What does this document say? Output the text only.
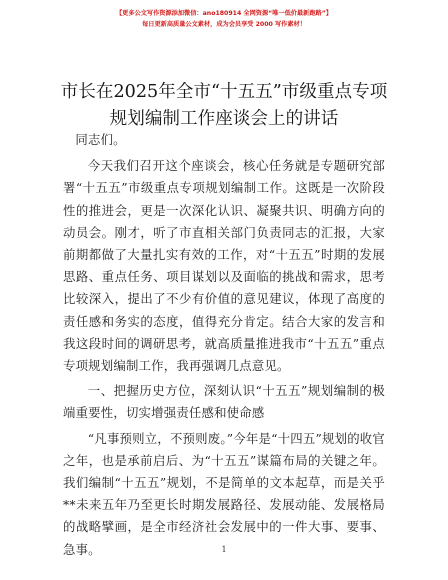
【更多公文写作资源添加微信：ano180914 全网资源“唯一低价最新跑路”】
每日更新高质量公文素材，成为会员享受 2000 写作素材！
市长在2025年全市“十五五”市级重点专项规划编制工作座谈会上的讲话

同志们。

今天我们召开这个座谈会，核心任务就是专题研究部署“十五五”市级重点专项规划编制工作。这既是一次阶段性的推进会，更是一次深化认识、凝聚共识、明确方向的动员会。刚才，听了市直相关部门负责同志的汇报，大家前期都做了大量扎实有效的工作，对“十五五”时期的发展思路、重点任务、项目谋划以及面临的挑战和需求，思考比较深入，提出了不少有价值的意见建议，体现了高度的责任感和务实的态度，值得充分肯定。结合大家的发言和我这段时间的调研思考，就高质量推进我市“十五五”重点专项规划编制工作，我再强调几点意见。

一、把握历史方位，深刻认识“十五五”规划编制的极端重要性，切实增强责任感和使命感

“凡事预则立，不预则废。”今年是“十四五”规划的收官之年，也是承前启后、为“十五五”谋篇布局的关键之年。我们编制“十五五”规划，不是简单的文本起草，而是关乎**未来五年乃至更长时期发展路径、发展动能、发展格局的战略擘画，是全市经济社会发展中的一件大事、要事、急事。	1
